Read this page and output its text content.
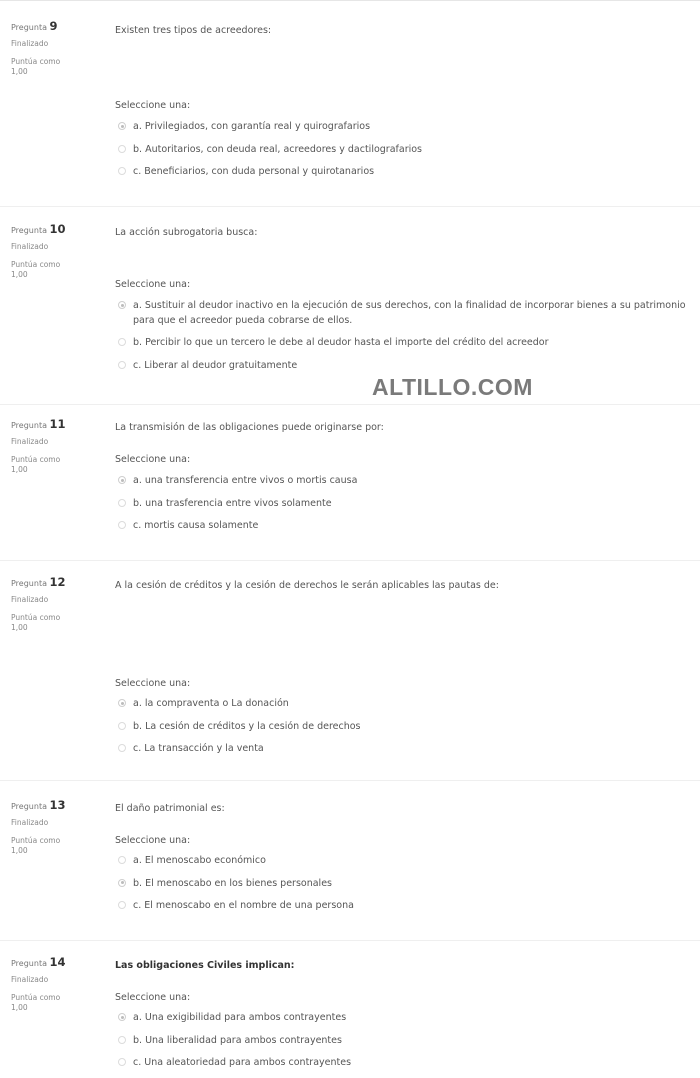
Pregunta 9
Finalizado
Puntúa como
1,00
Existen tres tipos de acreedores:
Seleccione una:
a. Privilegiados, con garantía real y quirografarios
b. Autoritarios, con deuda real, acreedores y dactilografarios
c. Beneficiarios, con duda personal y quirotanarios
Pregunta 10
Finalizado
Puntúa como
1,00
La acción subrogatoria busca:
Seleccione una:
a. Sustituir al deudor inactivo en la ejecución de sus derechos, con la finalidad de incorporar bienes a su patrimonio para que el acreedor pueda cobrarse de ellos.
b. Percibir lo que un tercero le debe al deudor hasta el importe del crédito del acreedor
c. Liberar al deudor gratuitamente
ALTILLO.COM
Pregunta 11
Finalizado
Puntúa como
1,00
La transmisión de las obligaciones puede originarse por:
Seleccione una:
a. una transferencia entre vivos o mortis causa
b. una trasferencia entre vivos solamente
c. mortis causa solamente
Pregunta 12
Finalizado
Puntúa como
1,00
A la cesión de créditos y la cesión de derechos le serán aplicables las pautas de:
Seleccione una:
a. la compraventa o La donación
b. La cesión de créditos y la cesión de derechos
c. La transacción y la venta
Pregunta 13
Finalizado
Puntúa como
1,00
El daño patrimonial es:
Seleccione una:
a. El menoscabo económico
b. El menoscabo en los bienes personales
c. El menoscabo en el nombre de una persona
Pregunta 14
Finalizado
Puntúa como
1,00
Las obligaciones Civiles implican:
Seleccione una:
a. Una exigibilidad para ambos contrayentes
b. Una liberalidad para ambos contrayentes
c. Una aleatoriedad para ambos contrayentes
